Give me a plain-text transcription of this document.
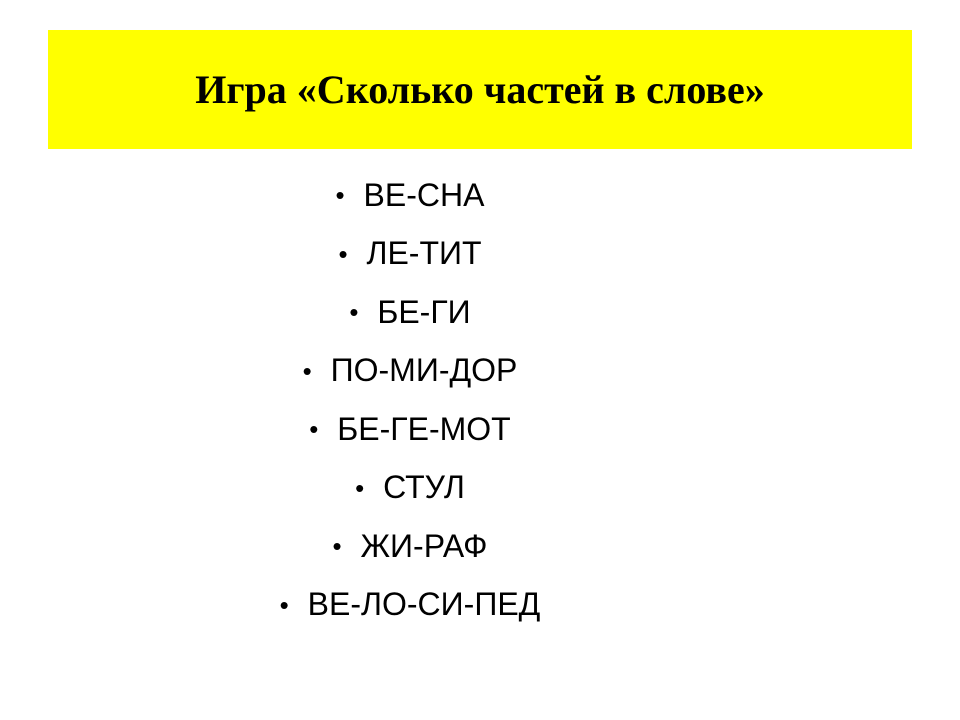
Игра «Сколько частей в слове»
• ВЕ-СНА
• ЛЕ-ТИТ
• БЕ-ГИ
• ПО-МИ-ДОР
• БЕ-ГЕ-МОТ
• СТУЛ
• ЖИ-РАФ
• ВЕ-ЛО-СИ-ПЕД
